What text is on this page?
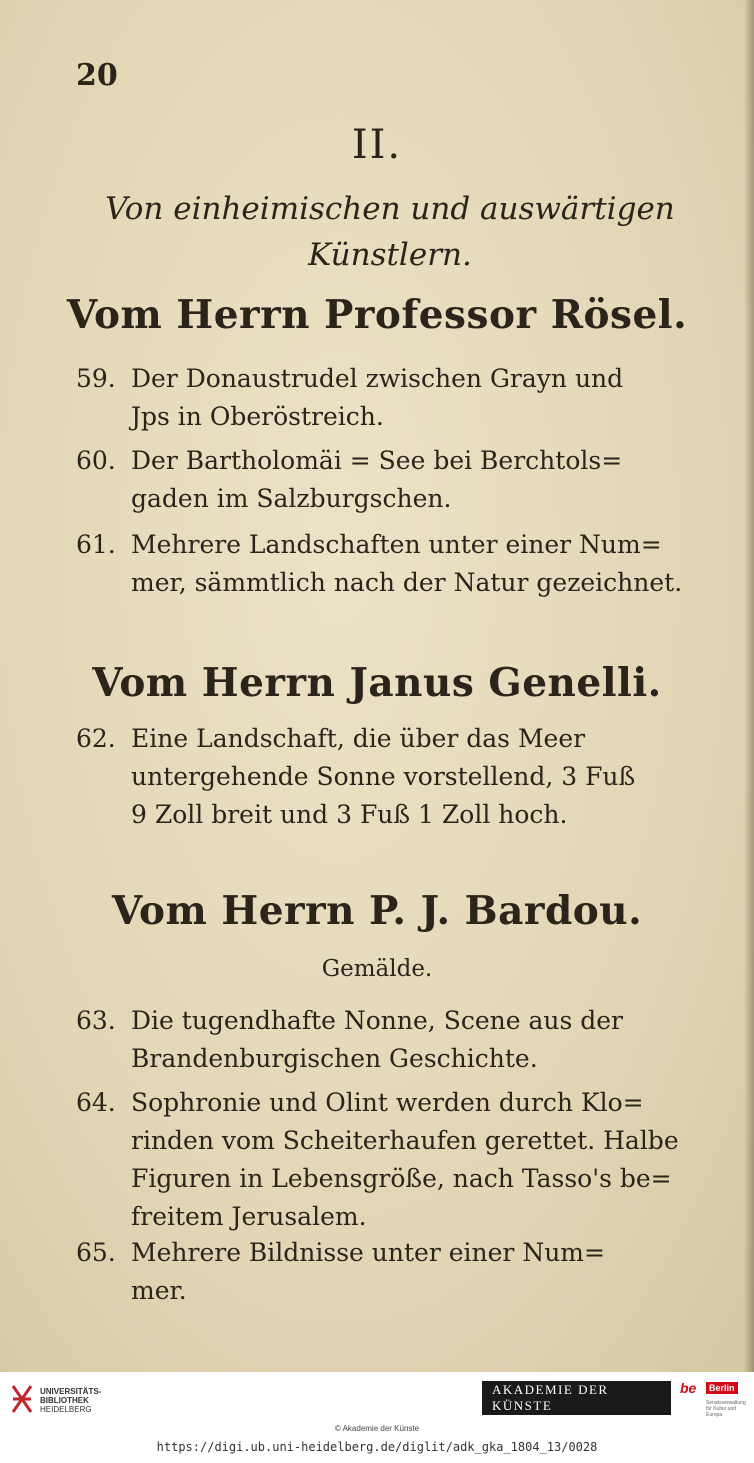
20
II.
Von einheimischen und auswärtigen
Künstlern.
Vom Herrn Professor Rösel.
59. Der Donaustrudel zwischen Grayn und
Jps in Oberöstreich.
60. Der Bartholomäi = See bei Berchtols=
gaden im Salzburgschen.
61. Mehrere Landschaften unter einer Num=
mer, sämmtlich nach der Natur gezeichnet.
Vom Herrn Janus Genelli.
62. Eine Landschaft, die über das Meer
untergehende Sonne vorstellend, 3 Fuß
9 Zoll breit und 3 Fuß 1 Zoll hoch.
Vom Herrn P. J. Bardou.
Gemälde.
63. Die tugendhafte Nonne, Scene aus der
Brandenburgischen Geschichte.
64. Sophronie und Olint werden durch Klo=
rinden vom Scheiterhaufen gerettet. Halbe
Figuren in Lebensgröße, nach Tasso's be=
freitem Jerusalem.
65. Mehrere Bildnisse unter einer Num=
mer.
UNIVERSITÄTS-
BIBLIOTHEK
HEIDELBERG
AKADEMIE DER KÜNSTE
be	Berlin
Senatsverwaltung für Kultur und Europa
© Akademie der Künste
https://digi.ub.uni-heidelberg.de/diglit/adk_gka_1804_13/0028
